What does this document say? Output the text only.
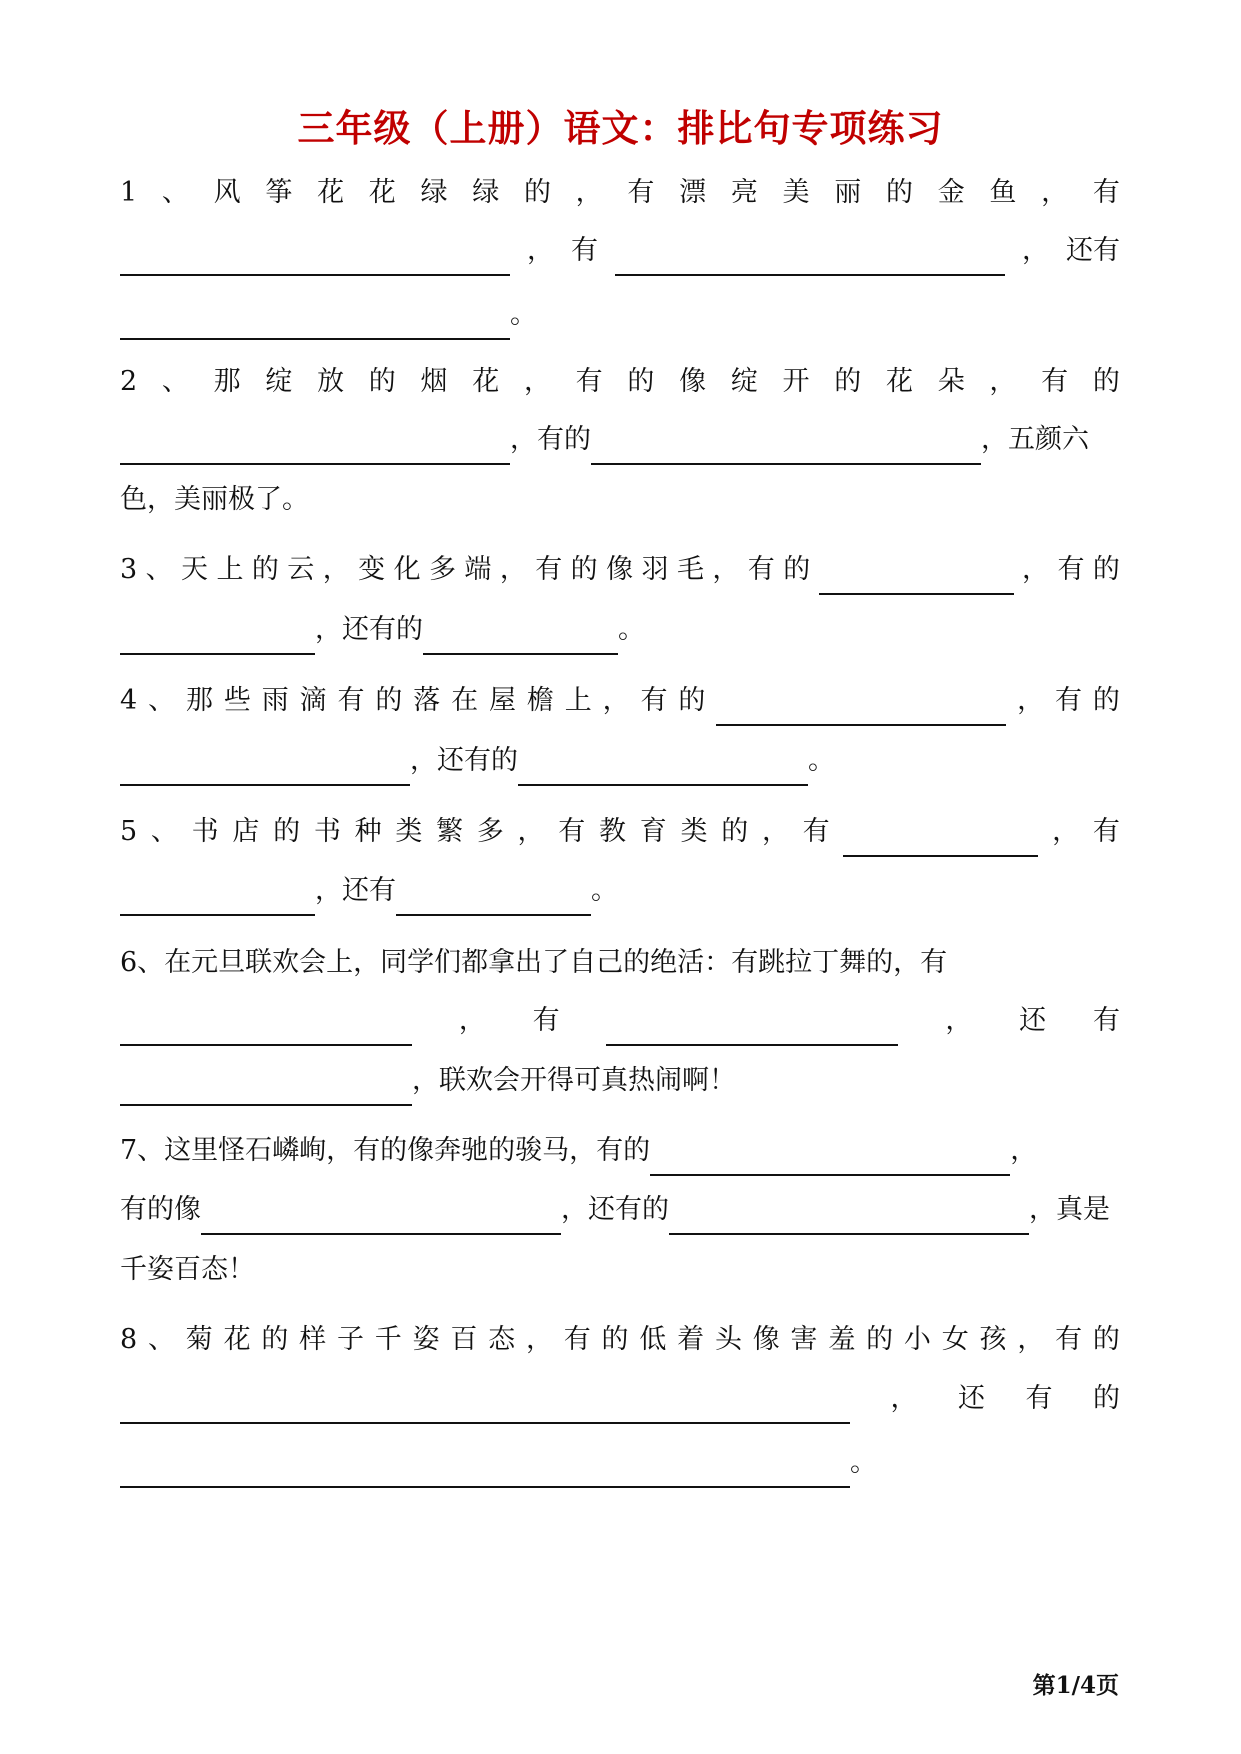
三年级（上册）语文：排比句专项练习
1 、 风 筝 花 花 绿 绿 的 ， 有 漂 亮 美 丽 的 金 鱼 ， 有
， 有	， 还有
。
2 、 那 绽 放 的 烟 花 ， 有 的 像 绽 开 的 花 朵 ， 有 的
，有的	，五颜六
色，美丽极了。
3 、 天 上 的 云 ， 变 化 多 端 ， 有 的 像 羽 毛 ， 有 的	， 有 的
，还有的	。
4 、 那 些 雨 滴 有 的 落 在 屋 檐 上 ， 有 的	， 有 的
，还有的	。
5 、 书 店 的 书 种 类 繁 多 ， 有 教 育 类 的 ， 有	， 有
，还有	。
6、在元旦联欢会上，同学们都拿出了自己的绝活：有跳拉丁舞的，有
， 有	， 还 有
，联欢会开得可真热闹啊！
7、这里怪石嶙峋，有的像奔驰的骏马，有的	，
有的像	，还有的	，真是
千姿百态！
8 、 菊 花 的 样 子 千 姿 百 态 ， 有 的 低 着 头 像 害 羞 的 小 女 孩 ， 有 的
， 还 有 的
。
第1/4页
